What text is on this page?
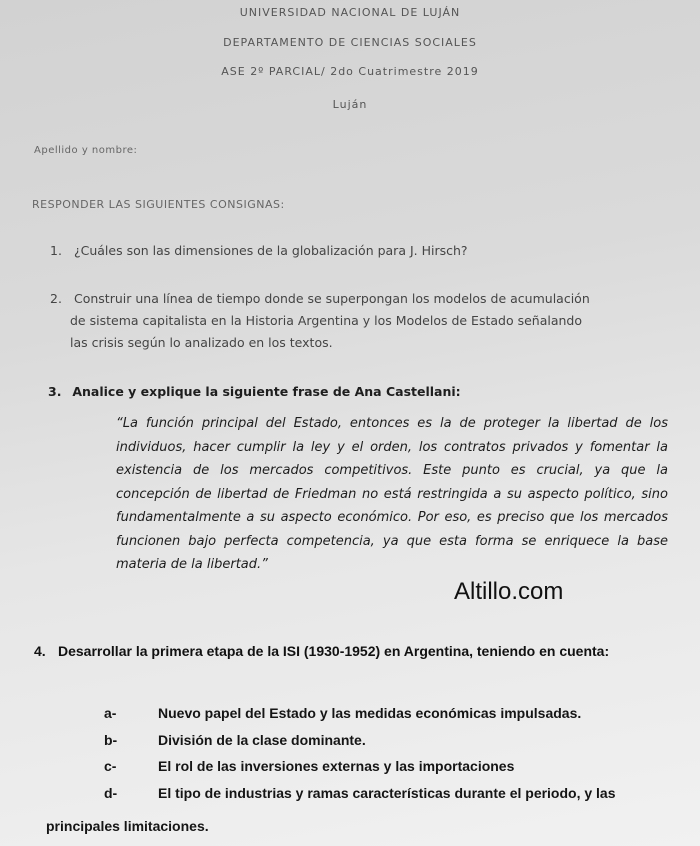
UNIVERSIDAD NACIONAL DE LUJÁN
DEPARTAMENTO DE CIENCIAS SOCIALES
ASE 2º PARCIAL/ 2do Cuatrimestre 2019
Luján
Apellido y nombre:
RESPONDER LAS SIGUIENTES CONSIGNAS:
1. ¿Cuáles son las dimensiones de la globalización para J. Hirsch?
2. Construir una línea de tiempo donde se superpongan los modelos de acumulación
de sistema capitalista en la Historia Argentina y los Modelos de Estado señalando
las crisis según lo analizado en los textos.
3. Analice y explique la siguiente frase de Ana Castellani:
“La función principal del Estado, entonces es la de proteger la libertad de los individuos, hacer cumplir la ley y el orden, los contratos privados y fomentar la existencia de los mercados competitivos. Este punto es crucial, ya que la concepción de libertad de Friedman no está restringida a su aspecto político, sino fundamentalmente a su aspecto económico. Por eso, es preciso que los mercados funcionen bajo perfecta competencia, ya que esta forma se enriquece la base materia de la libertad.”
Altillo.com
4. Desarrollar la primera etapa de la ISI (1930-1952) en Argentina, teniendo en cuenta:
a-	Nuevo papel del Estado y las medidas económicas impulsadas.
b-	División de la clase dominante.
c-	El rol de las inversiones externas y las importaciones
d-	El tipo de industrias y ramas características durante el periodo, y las
principales limitaciones.
